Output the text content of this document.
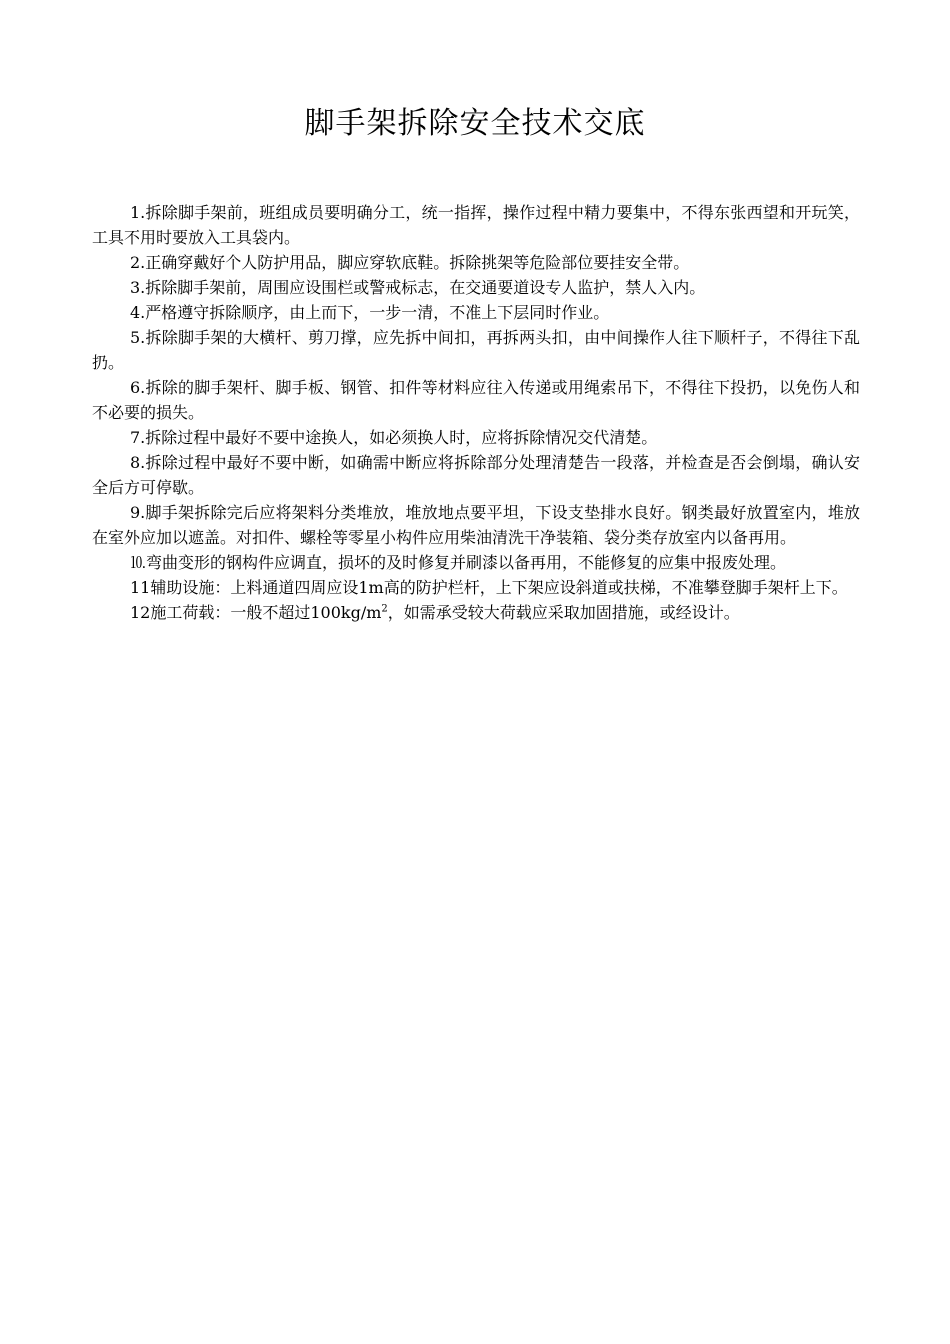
脚手架拆除安全技术交底

1.拆除脚手架前，班组成员要明确分工，统一指挥，操作过程中精力要集中，不得东张西望和开玩笑，工具不用时要放入工具袋内。

2.正确穿戴好个人防护用品，脚应穿软底鞋。拆除挑架等危险部位要挂安全带。

3.拆除脚手架前，周围应设围栏或警戒标志，在交通要道设专人监护，禁人入内。

4.严格遵守拆除顺序，由上而下，一步一清，不准上下层同时作业。

5.拆除脚手架的大横杆、剪刀撑，应先拆中间扣，再拆两头扣，由中间操作人往下顺杆子，不得往下乱扔。

6.拆除的脚手架杆、脚手板、钢管、扣件等材料应往入传递或用绳索吊下，不得往下投扔，以免伤人和不必要的损失。

7.拆除过程中最好不要中途换人，如必须换人时，应将拆除情况交代清楚。

8.拆除过程中最好不要中断，如确需中断应将拆除部分处理清楚告一段落，并检查是否会倒塌，确认安全后方可停歇。

9.脚手架拆除完后应将架料分类堆放，堆放地点要平坦，下设支垫排水良好。钢类最好放置室内，堆放在室外应加以遮盖。对扣件、螺栓等零星小构件应用柴油清洗干净装箱、袋分类存放室内以备再用。

⒑弯曲变形的钢构件应调直，损坏的及时修复并刷漆以备再用，不能修复的应集中报废处理。

11辅助设施：上料通道四周应设1m高的防护栏杆，上下架应设斜道或扶梯，不准攀登脚手架杆上下。

12施工荷载：一般不超过$100kg/m^2$，如需承受较大荷载应采取加固措施，或经设计。
